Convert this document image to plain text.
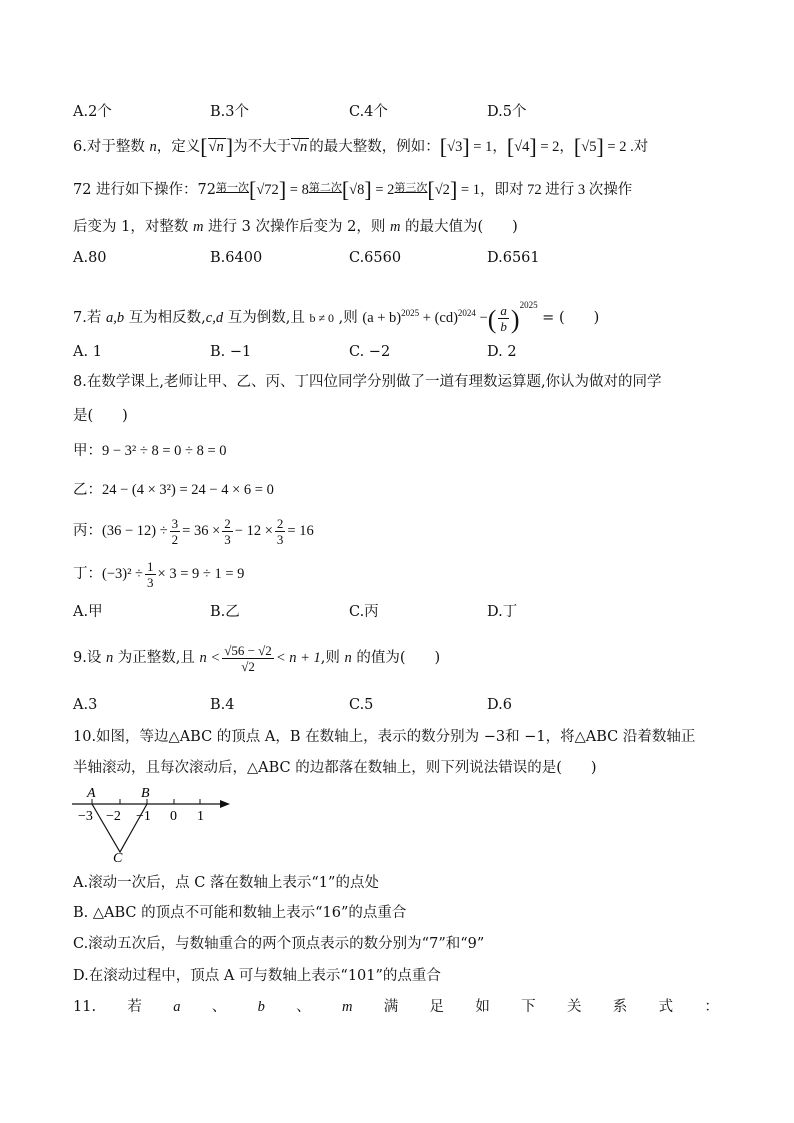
A.2个	B.3个	C.4个	D.5个
6.对于整数 n，定义[√n]为不大于√n 的最大整数，例如：[√3] = 1，[√4] = 2，[√5] = 2 .对
72 进行如下操作：$72^{第一次}[√72] = 8^{第二次}[√8] = 2^{第三次}[√2] = 1$，即对 72 进行 3 次操作
后变为 1，对整数 m 进行 3 次操作后变为 2，则 m 的最大值为(　　)
A.80	B.6400	C.6560	D.6561
7.若 a,b 互为相反数,c,d 互为倒数,且 b ≠ 0 ,则 $(a + b)^{2025} + (cd)^{2024}$ −( $\frac{a}{b} )^{2025}$ = (　　)
A. 1	B. −1	C. −2	D. 2
8.在数学课上,老师让甲、乙、丙、丁四位同学分别做了一道有理数运算题,你认为做对的同学
是(　　)
甲：9 − 3² ÷ 8 = 0 ÷ 8 = 0
乙：24 − (4 × 3²) = 24 − 4 × 6 = 0
丙：$(36 - 12) \div \frac{3}{2} = 36 \times \frac{2}{3} - 12 \times \frac{2}{3} = 16$
丁：$(-3)^2 \div \frac{1}{3} \times 3 = 9 \div 1 = 9$
A.甲	B.乙	C.丙	D.丁
9.设 n 为正整数,且 $n < \frac{√56 - √2}{√2} < n + 1$,则 n 的值为(　　)
A.3	B.4	C.5	D.6
10.如图，等边△ABC 的顶点 A，B 在数轴上，表示的数分别为 −3和 −1，将△ABC 沿着数轴正
半轴滚动，且每次滚动后，△ABC 的边都落在数轴上，则下列说法错误的是(　　)
A	B
C
−3 −2 −1 0 1
A.滚动一次后，点 C 落在数轴上表示“1”的点处
B. △ABC 的顶点不可能和数轴上表示“16”的点重合
C.滚动五次后，与数轴重合的两个顶点表示的数分别为“7”和“9”
D.在滚动过程中，顶点 A 可与数轴上表示“101”的点重合
11. 若 a 、 b 、 m 满 足 如 下 关 系 式 ：
